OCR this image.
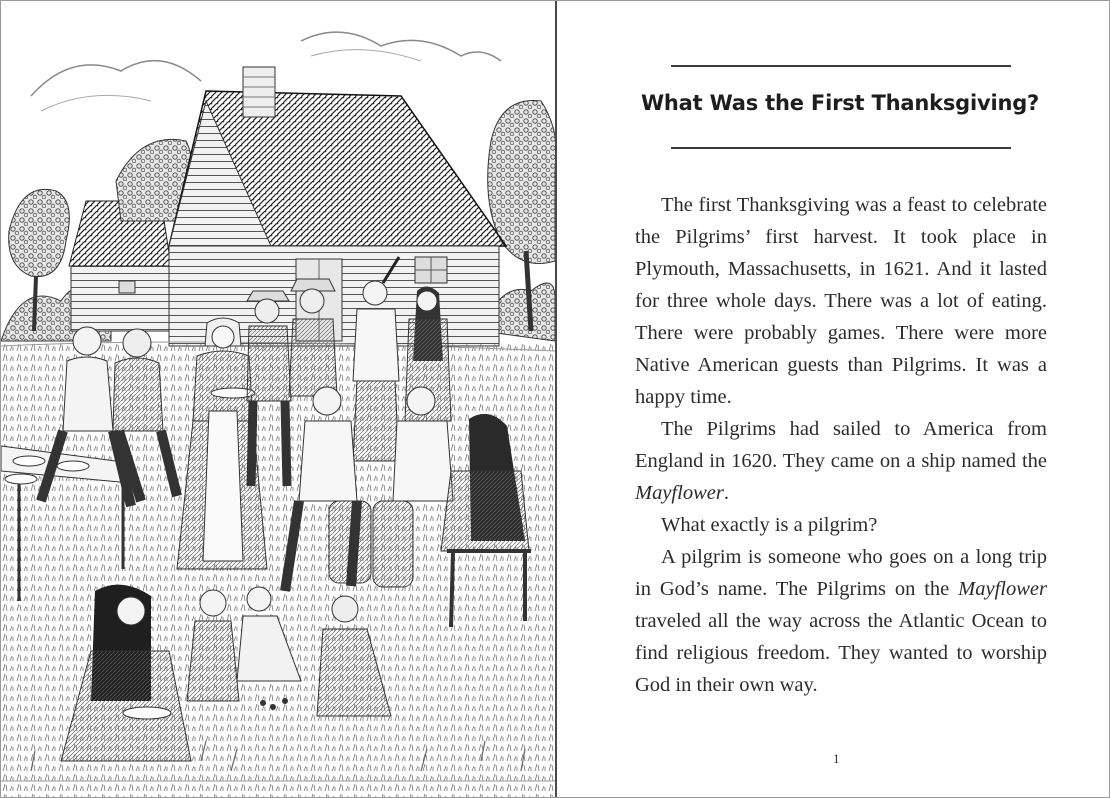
What Was the First Thanksgiving?

The first Thanksgiving was a feast to celebrate the Pilgrims’ first harvest. It took place in Plymouth, Massachusetts, in 1621. And it lasted for three whole days. There was a lot of eating. There were probably games. There were more Native American guests than Pilgrims. It was a happy time.

The Pilgrims had sailed to America from England in 1620. They came on a ship named the Mayflower.

What exactly is a pilgrim?

A pilgrim is someone who goes on a long trip in God’s name. The Pilgrims on the Mayflower traveled all the way across the Atlantic Ocean to find religious freedom. They wanted to worship God in their own way.

1
